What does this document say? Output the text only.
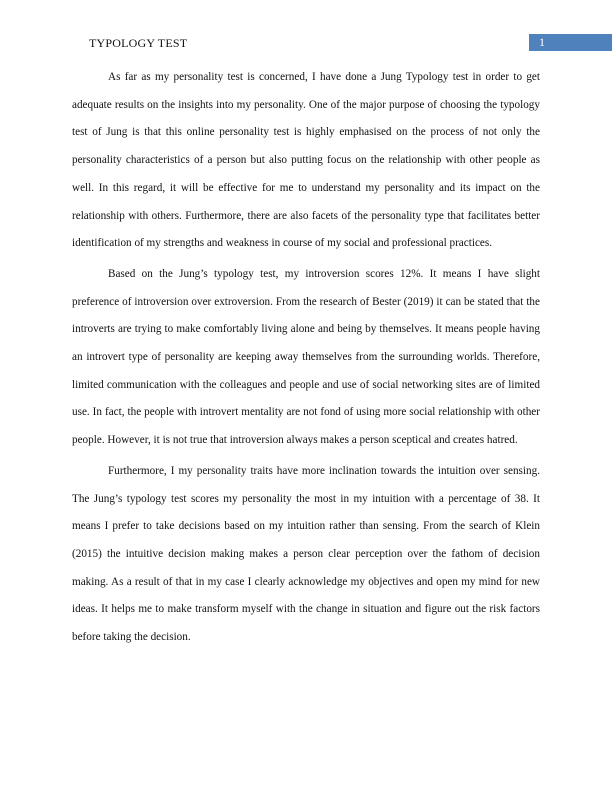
TYPOLOGY TEST	1

As far as my personality test is concerned, I have done a Jung Typology test in order to get adequate results on the insights into my personality. One of the major purpose of choosing the typology test of Jung is that this online personality test is highly emphasised on the process of not only the personality characteristics of a person but also putting focus on the relationship with other people as well. In this regard, it will be effective for me to understand my personality and its impact on the relationship with others. Furthermore, there are also facets of the personality type that facilitates better identification of my strengths and weakness in course of my social and professional practices.

Based on the Jung’s typology test, my introversion scores 12%. It means I have slight preference of introversion over extroversion. From the research of Bester (2019) it can be stated that the introverts are trying to make comfortably living alone and being by themselves. It means people having an introvert type of personality are keeping away themselves from the surrounding worlds. Therefore, limited communication with the colleagues and people and use of social networking sites are of limited use. In fact, the people with introvert mentality are not fond of using more social relationship with other people. However, it is not true that introversion always makes a person sceptical and creates hatred.

Furthermore, I my personality traits have more inclination towards the intuition over sensing. The Jung’s typology test scores my personality the most in my intuition with a percentage of 38. It means I prefer to take decisions based on my intuition rather than sensing. From the search of Klein (2015) the intuitive decision making makes a person clear perception over the fathom of decision making. As a result of that in my case I clearly acknowledge my objectives and open my mind for new ideas. It helps me to make transform myself with the change in situation and figure out the risk factors before taking the decision.
